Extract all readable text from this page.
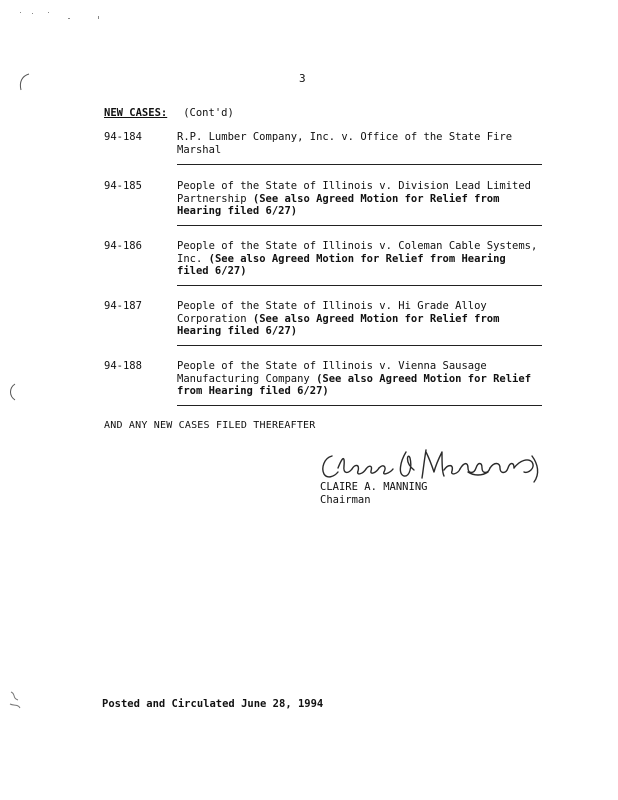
3
NEW CASES: (Cont'd)
94-184	R.P. Lumber Company, Inc. v. Office of the State Fire Marshal
94-185	People of the State of Illinois v. Division Lead Limited Partnership (See also Agreed Motion for Relief from Hearing filed 6/27)
94-186	People of the State of Illinois v. Coleman Cable Systems, Inc. (See also Agreed Motion for Relief from Hearing filed 6/27)
94-187	People of the State of Illinois v. Hi Grade Alloy Corporation (See also Agreed Motion for Relief from Hearing filed 6/27)
94-188	People of the State of Illinois v. Vienna Sausage Manufacturing Company (See also Agreed Motion for Relief from Hearing filed 6/27)
AND ANY NEW CASES FILED THEREAFTER
CLAIRE A. MANNING
Chairman
Posted and Circulated June 28, 1994
